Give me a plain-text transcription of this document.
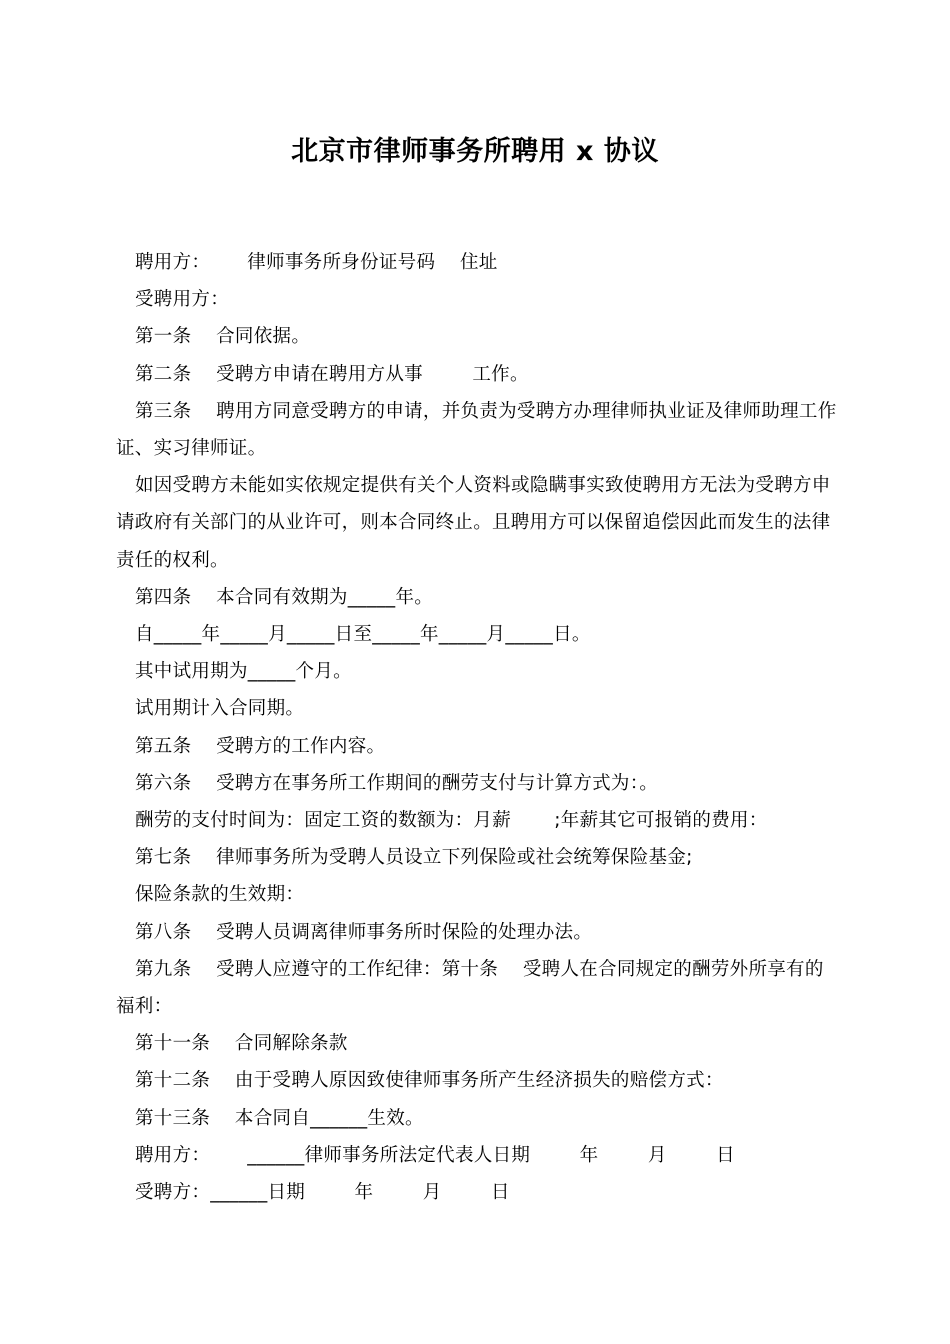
北京市律师事务所聘用 x 协议

聘用方：      律师事务所身份证号码    住址

受聘用方：

第一条    合同依据。

第二条    受聘方申请在聘用方从事        工作。

第三条    聘用方同意受聘方的申请，并负责为受聘方办理律师执业证及律师助理工作证、实习律师证。

如因受聘方未能如实依规定提供有关个人资料或隐瞒事实致使聘用方无法为受聘方申请政府有关部门的从业许可，则本合同终止。且聘用方可以保留追偿因此而发生的法律责任的权利。

第四条    本合同有效期为_____年。

自_____年_____月_____日至_____年_____月_____日。

其中试用期为_____个月。

试用期计入合同期。

第五条    受聘方的工作内容。

第六条    受聘方在事务所工作期间的酬劳支付与计算方式为：。

酬劳的支付时间为：固定工资的数额为：月薪       ;年薪其它可报销的费用：

第七条    律师事务所为受聘人员设立下列保险或社会统筹保险基金;

保险条款的生效期：

第八条    受聘人员调离律师事务所时保险的处理办法。

第九条    受聘人应遵守的工作纪律：第十条    受聘人在合同规定的酬劳外所享有的福利：

第十一条    合同解除条款

第十二条    由于受聘人原因致使律师事务所产生经济损失的赔偿方式：

第十三条    本合同自______生效。

聘用方：      ______律师事务所法定代表人日期        年        月        日

受聘方：______日期        年        月        日
